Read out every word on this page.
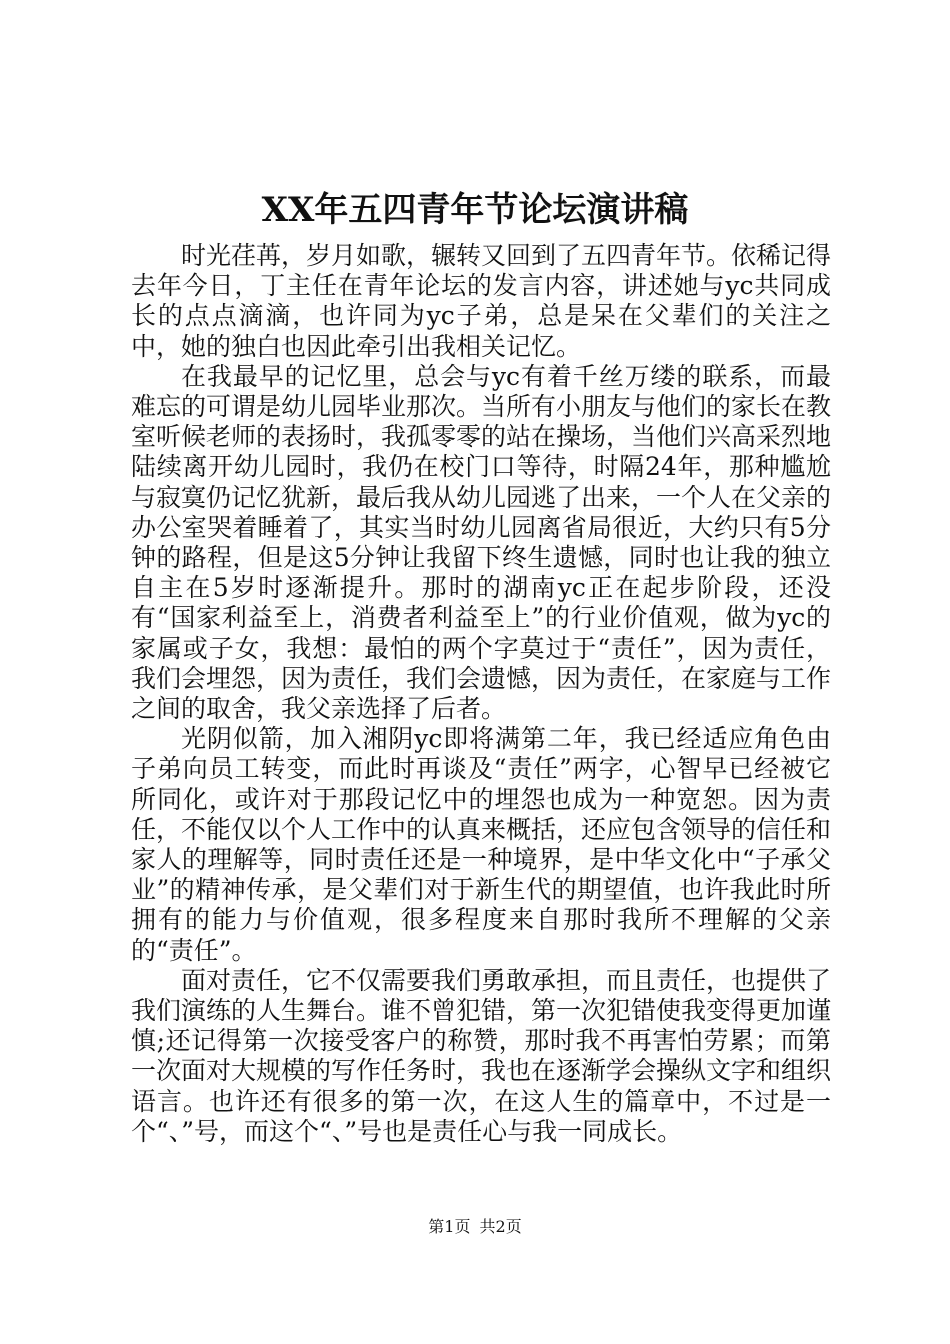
XX年五四青年节论坛演讲稿

时光荏苒，岁月如歌，辗转又回到了五四青年节。依稀记得去年今日，丁主任在青年论坛的发言内容，讲述她与yc共同成长的点点滴滴，也许同为yc子弟，总是呆在父辈们的关注之中，她的独白也因此牵引出我相关记忆。

在我最早的记忆里，总会与yc有着千丝万缕的联系，而最难忘的可谓是幼儿园毕业那次。当所有小朋友与他们的家长在教室听候老师的表扬时，我孤零零的站在操场，当他们兴高采烈地陆续离开幼儿园时，我仍在校门口等待，时隔24年，那种尴尬与寂寞仍记忆犹新，最后我从幼儿园逃了出来，一个人在父亲的办公室哭着睡着了，其实当时幼儿园离省局很近，大约只有5分钟的路程，但是这5分钟让我留下终生遗憾，同时也让我的独立自主在5岁时逐渐提升。那时的湖南yc正在起步阶段，还没有“国家利益至上，消费者利益至上”的行业价值观，做为yc的家属或子女，我想：最怕的两个字莫过于“责任”，因为责任，我们会埋怨，因为责任，我们会遗憾，因为责任，在家庭与工作之间的取舍，我父亲选择了后者。

光阴似箭，加入湘阴yc即将满第二年，我已经适应角色由子弟向员工转变，而此时再谈及“责任”两字，心智早已经被它所同化，或许对于那段记忆中的埋怨也成为一种宽恕。因为责任，不能仅以个人工作中的认真来概括，还应包含领导的信任和家人的理解等，同时责任还是一种境界，是中华文化中“子承父业”的精神传承，是父辈们对于新生代的期望值，也许我此时所拥有的能力与价值观，很多程度来自那时我所不理解的父亲的“责任”。

面对责任，它不仅需要我们勇敢承担，而且责任，也提供了我们演练的人生舞台。谁不曾犯错，第一次犯错使我变得更加谨慎;还记得第一次接受客户的称赞，那时我不再害怕劳累；而第一次面对大规模的写作任务时，我也在逐渐学会操纵文字和组织语言。也许还有很多的第一次，在这人生的篇章中，不过是一个“、”号，而这个“、”号也是责任心与我一同成长。

第1页 共2页
